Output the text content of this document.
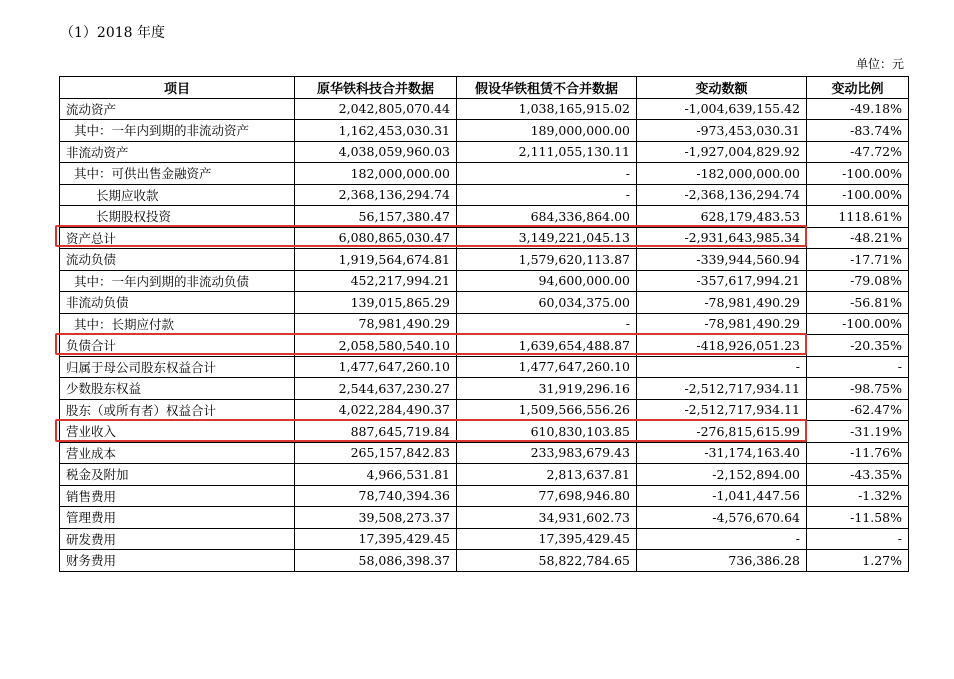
（1）2018 年度
单位：元
项目	原华铁科技合并数据	假设华铁租赁不合并数据	变动数额	变动比例
流动资产	2,042,805,070.44	1,038,165,915.02	-1,004,639,155.42	-49.18%
其中：一年内到期的非流动资产	1,162,453,030.31	189,000,000.00	-973,453,030.31	-83.74%
非流动资产	4,038,059,960.03	2,111,055,130.11	-1,927,004,829.92	-47.72%
其中：可供出售金融资产	182,000,000.00	-	-182,000,000.00	-100.00%
长期应收款	2,368,136,294.74	-	-2,368,136,294.74	-100.00%
长期股权投资	56,157,380.47	684,336,864.00	628,179,483.53	1118.61%
资产总计	6,080,865,030.47	3,149,221,045.13	-2,931,643,985.34	-48.21%
流动负债	1,919,564,674.81	1,579,620,113.87	-339,944,560.94	-17.71%
其中：一年内到期的非流动负债	452,217,994.21	94,600,000.00	-357,617,994.21	-79.08%
非流动负债	139,015,865.29	60,034,375.00	-78,981,490.29	-56.81%
其中：长期应付款	78,981,490.29	-	-78,981,490.29	-100.00%
负债合计	2,058,580,540.10	1,639,654,488.87	-418,926,051.23	-20.35%
归属于母公司股东权益合计	1,477,647,260.10	1,477,647,260.10	-	-
少数股东权益	2,544,637,230.27	31,919,296.16	-2,512,717,934.11	-98.75%
股东（或所有者）权益合计	4,022,284,490.37	1,509,566,556.26	-2,512,717,934.11	-62.47%
营业收入	887,645,719.84	610,830,103.85	-276,815,615.99	-31.19%
营业成本	265,157,842.83	233,983,679.43	-31,174,163.40	-11.76%
税金及附加	4,966,531.81	2,813,637.81	-2,152,894.00	-43.35%
销售费用	78,740,394.36	77,698,946.80	-1,041,447.56	-1.32%
管理费用	39,508,273.37	34,931,602.73	-4,576,670.64	-11.58%
研发费用	17,395,429.45	17,395,429.45	-	-
财务费用	58,086,398.37	58,822,784.65	736,386.28	1.27%
